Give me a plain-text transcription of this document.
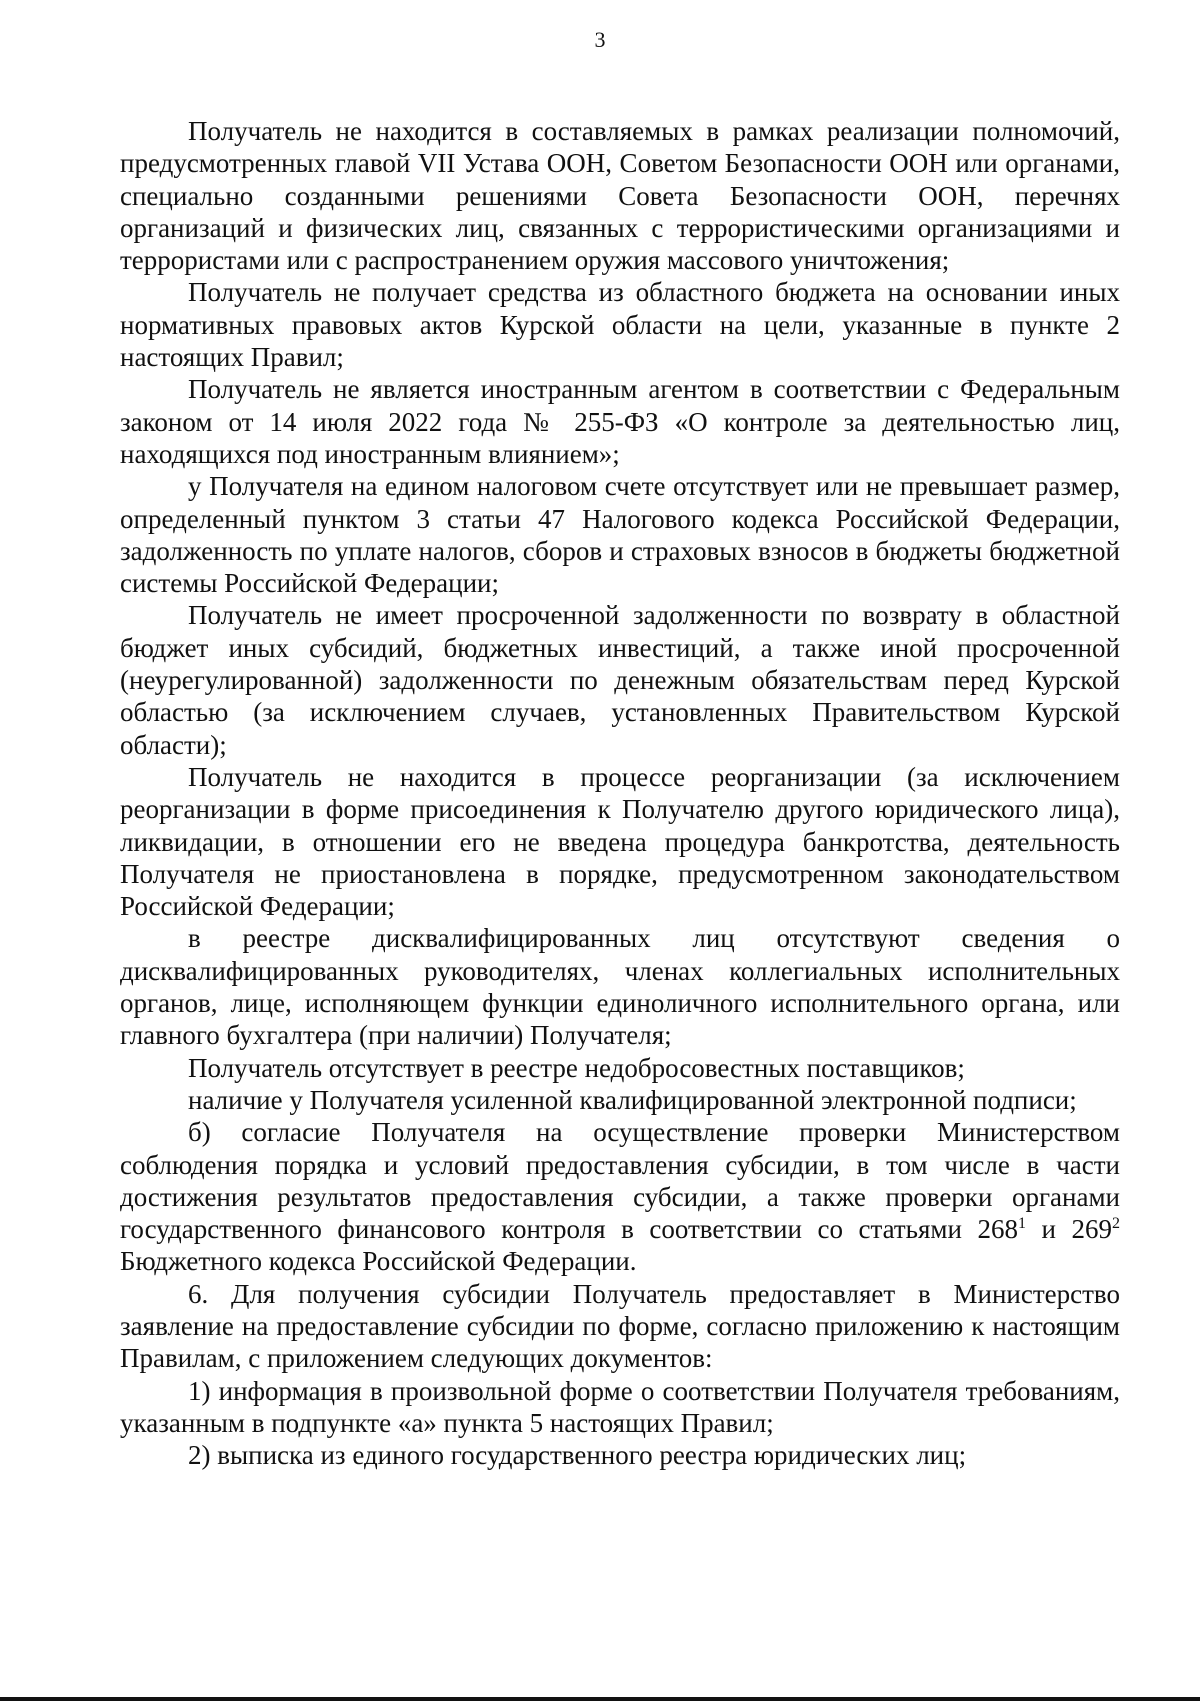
3

Получатель не находится в составляемых в рамках реализации полномочий, предусмотренных главой VII Устава ООН, Советом Безопасности ООН или органами, специально созданными решениями Совета Безопасности ООН, перечнях организаций и физических лиц, связанных с террористическими организациями и террористами или с распространением оружия массового уничтожения;

Получатель не получает средства из областного бюджета на основании иных нормативных правовых актов Курской области на цели, указанные в пункте 2 настоящих Правил;

Получатель не является иностранным агентом в соответствии с Федеральным законом от 14 июля 2022 года № 255-ФЗ «О контроле за деятельностью лиц, находящихся под иностранным влиянием»;

у Получателя на едином налоговом счете отсутствует или не превышает размер, определенный пунктом 3 статьи 47 Налогового кодекса Российской Федерации, задолженность по уплате налогов, сборов и страховых взносов в бюджеты бюджетной системы Российской Федерации;

Получатель не имеет просроченной задолженности по возврату в областной бюджет иных субсидий, бюджетных инвестиций, а также иной просроченной (неурегулированной) задолженности по денежным обязательствам перед Курской областью (за исключением случаев, установленных Правительством Курской области);

Получатель не находится в процессе реорганизации (за исключением реорганизации в форме присоединения к Получателю другого юридического лица), ликвидации, в отношении его не введена процедура банкротства, деятельность Получателя не приостановлена в порядке, предусмотренном законодательством Российской Федерации;

в реестре дисквалифицированных лиц отсутствуют сведения о дисквалифицированных руководителях, членах коллегиальных исполнительных органов, лице, исполняющем функции единоличного исполнительного органа, или главного бухгалтера (при наличии) Получателя;

Получатель отсутствует в реестре недобросовестных поставщиков;

наличие у Получателя усиленной квалифицированной электронной подписи;

б) согласие Получателя на осуществление проверки Министерством соблюдения порядка и условий предоставления субсидии, в том числе в части достижения результатов предоставления субсидии, а также проверки органами государственного финансового контроля в соответствии со статьями $268^1$ и $269^2$ Бюджетного кодекса Российской Федерации.

6. Для получения субсидии Получатель предоставляет в Министерство заявление на предоставление субсидии по форме, согласно приложению к настоящим Правилам, с приложением следующих документов:

1) информация в произвольной форме о соответствии Получателя требованиям, указанным в подпункте «а» пункта 5 настоящих Правил;

2) выписка из единого государственного реестра юридических лиц;
